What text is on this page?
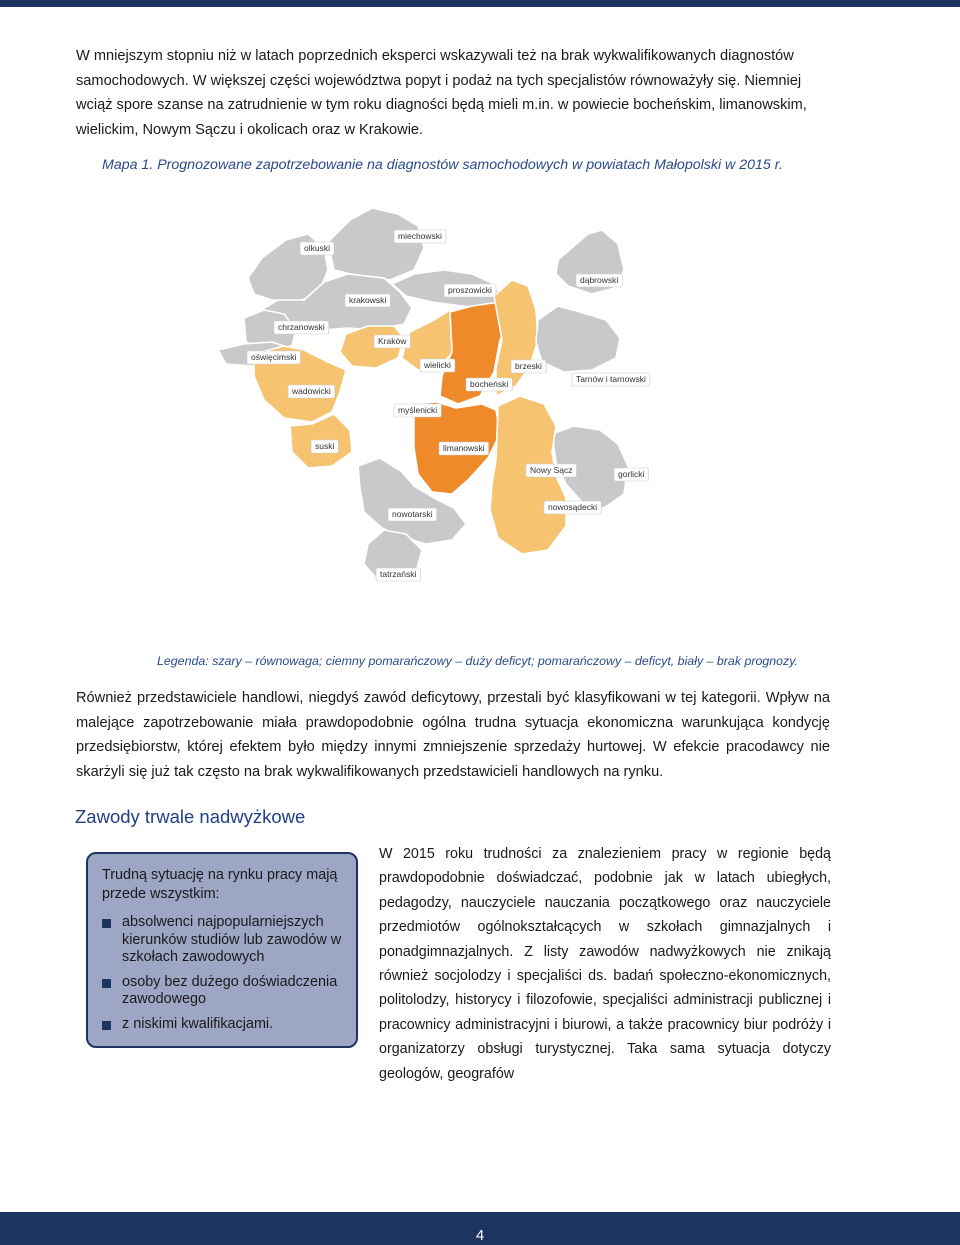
W mniejszym stopniu niż w latach poprzednich eksperci wskazywali też na brak wykwalifikowanych diagnostów samochodowych. W większej części województwa popyt i podaż na tych specjalistów równoważyły się. Niemniej wciąż spore szanse na zatrudnienie w tym roku diagności będą mieli m.in. w powiecie bocheńskim, limanowskim, wielickim, Nowym Sączu i okolicach oraz w Krakowie.

Mapa 1. Prognozowane zapotrzebowanie na diagnostów samochodowych w powiatach Małopolski w 2015 r.

olkuski
miechowski
dąbrowski
proszowicki
krakowski
chrzanowski
oświęcimski
Kraków
wielicki
bocheński
brzeski
Tarnów i tarnowski
wadowicki
myślenicki
suski	limanowski
Nowy Sącz	gorlicki
nowosądecki
nowotarski
tatrzański

Legenda: szary – równowaga; ciemny pomarańczowy – duży deficyt; pomarańczowy – deficyt, biały – brak prognozy.

Również przedstawiciele handlowi, niegdyś zawód deficytowy, przestali być klasyfikowani w tej kategorii. Wpływ na malejące zapotrzebowanie miała prawdopodobnie ogólna trudna sytuacja ekonomiczna warunkująca kondycję przedsiębiorstw, której efektem było między innymi zmniejszenie sprzedaży hurtowej. W efekcie pracodawcy nie skarżyli się już tak często na brak wykwalifikowanych przedstawicieli handlowych na rynku.

Zawody trwale nadwyżkowe

Trudną sytuację na rynku pracy mają przede wszystkim:

absolwenci najpopularniejszych kierunków studiów lub zawodów w szkołach zawodowych
osoby bez dużego doświadczenia zawodowego
z niskimi kwalifikacjami.

W 2015 roku trudności za znalezieniem pracy w regionie będą prawdopodobnie doświadczać, podobnie jak w latach ubiegłych, pedagodzy, nauczyciele nauczania początkowego oraz nauczyciele przedmiotów ogólnokształcących w szkołach gimnazjalnych i ponadgimnazjalnych. Z listy zawodów nadwyżkowych nie znikają również socjolodzy i specjaliści ds. badań społeczno-ekonomicznych, politolodzy, historycy i filozofowie, specjaliści administracji publicznej i pracownicy administracyjni i biurowi, a także pracownicy biur podróży i organizatorzy obsługi turystycznej. Taka sama sytuacja dotyczy geologów, geografów

4
